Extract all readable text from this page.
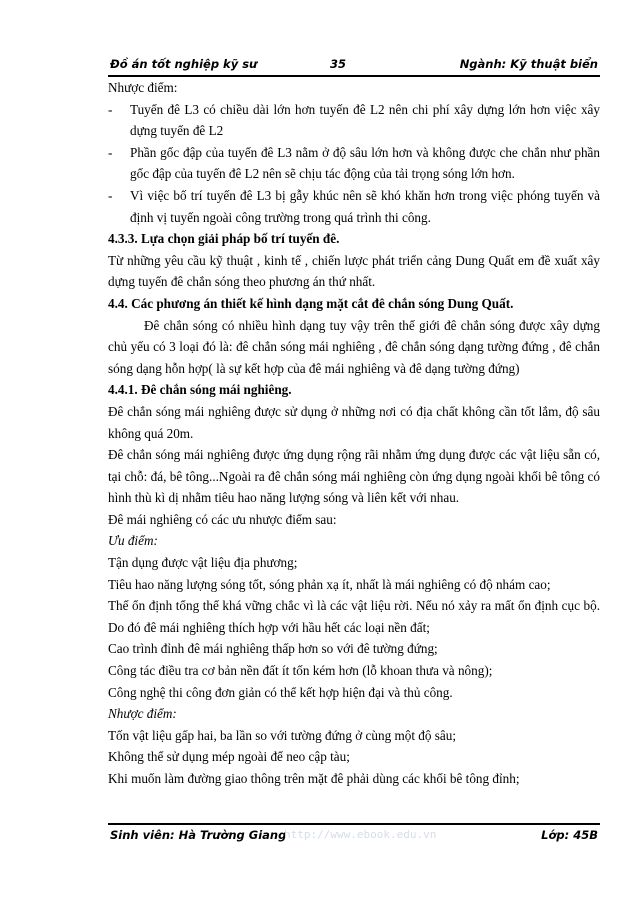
Đồ án tốt nghiệp kỹ sư	35	Ngành: Kỹ thuật biển

Nhược điểm:

- Tuyến đê L3 có chiều dài lớn hơn tuyến đê L2 nên chi phí xây dựng lớn hơn việc xây dựng tuyến đê L2

- Phần gốc đập của tuyến đê L3 nằm ở độ sâu lớn hơn và không được che chắn như phần gốc đập của tuyến đê L2 nên sẽ chịu tác động của tải trọng sóng lớn hơn.

- Vì việc bố trí tuyến đê L3 bị gẫy khúc nên sẽ khó khăn hơn trong việc phóng tuyến và định vị tuyến ngoài công trường trong quá trình thi công.

4.3.3. Lựa chọn giải pháp bố trí tuyến đê.

Từ những yêu cầu kỹ thuật , kinh tế , chiến lược phát triển cảng Dung Quất em đề xuất xây dựng tuyến đê chắn sóng theo phương án thứ nhất.

4.4. Các phương án thiết kế hình dạng mặt cắt đê chắn sóng Dung Quất.

Đê chắn sóng có nhiều hình dạng tuy vậy trên thế giới đê chắn sóng được xây dựng chủ yếu có 3 loại đó là: đê chắn sóng mái nghiêng , đê chắn sóng dạng tường đứng , đê chắn sóng dạng hỗn hợp( là sự kết hợp của đê mái nghiêng và đê dạng tường đứng)

4.4.1. Đê chắn sóng mái nghiêng.

Đê chắn sóng mái nghiêng được sử dụng ở những nơi có địa chất không cần tốt lắm, độ sâu không quá 20m.

Đê chắn sóng mái nghiêng được ứng dụng rộng rãi nhằm ứng dụng được các vật liệu sẵn có, tại chỗ: đá, bê tông...Ngoài ra đê chắn sóng mái nghiêng còn ứng dụng ngoài khối bê tông có hình thù kì dị nhằm tiêu hao năng lượng sóng và liên kết với nhau.

Đê mái nghiêng có các ưu nhược điểm sau:

Ưu điểm:

Tận dụng được vật liệu địa phương;

Tiêu hao năng lượng sóng tốt, sóng phản xạ ít, nhất là mái nghiêng có độ nhám cao;

Thế ổn định tổng thể khá vững chắc vì là các vật liệu rời. Nếu nó xảy ra mất ổn định cục bộ. Do đó đê mái nghiêng thích hợp với hầu hết các loại nền đất;

Cao trình đỉnh đê mái nghiêng thấp hơn so với đê tường đứng;

Công tác điều tra cơ bản nền đất ít tốn kém hơn (lỗ khoan thưa và nông);

Công nghệ thi công đơn giản có thể kết hợp hiện đại và thủ công.

Nhược điểm:

Tốn vật liệu gấp hai, ba lần so với tường đứng ở cùng một độ sâu;

Không thể sử dụng mép ngoài để neo cập tàu;

Khi muốn làm đường giao thông trên mặt đê phải dùng các khối bê tông đỉnh;

Sinh viên: Hà Trường Giang
http://www.ebook.edu.vn	Lớp: 45B
